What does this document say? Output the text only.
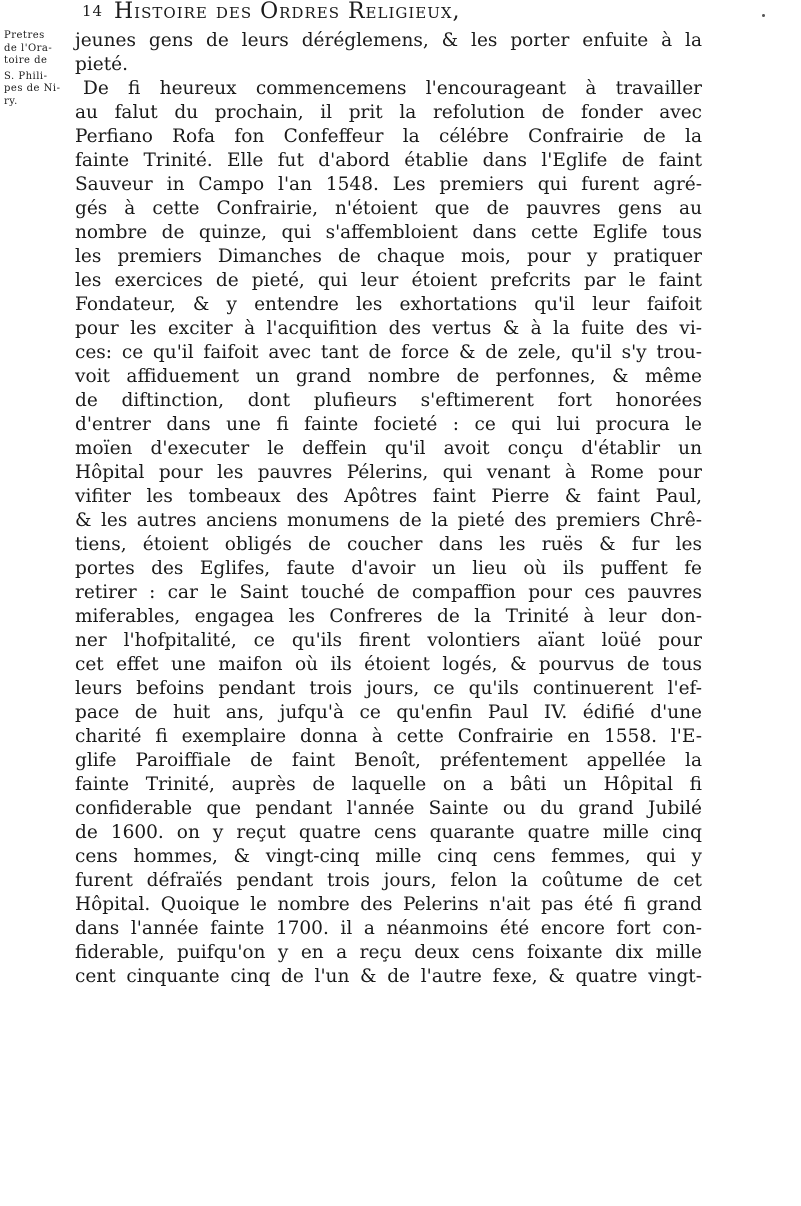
14 Histoire des Ordres Religieux,
Pretres
de l'Ora-
toire de
S. Phili-
pes de Ni-
ry.
jeunes gens de leurs déréglemens, & les porter enfuite à la
pieté.
De fi heureux commencemens l'encourageant à travailler
au falut du prochain, il prit la refolution de fonder avec
Perfiano Rofa fon Confeffeur la célébre Confrairie de la
fainte Trinité. Elle fut d'abord établie dans l'Eglife de faint
Sauveur in Campo l'an 1548. Les premiers qui furent agré-
gés à cette Confrairie, n'étoient que de pauvres gens au
nombre de quinze, qui s'affembloient dans cette Eglife tous
les premiers Dimanches de chaque mois, pour y pratiquer
les exercices de pieté, qui leur étoient prefcrits par le faint
Fondateur, & y entendre les exhortations qu'il leur faifoit
pour les exciter à l'acquifition des vertus & à la fuite des vi-
ces: ce qu'il faifoit avec tant de force & de zele, qu'il s'y trou-
voit affiduement un grand nombre de perfonnes, & même
de diftinction, dont plufieurs s'eftimerent fort honorées
d'entrer dans une fi fainte focieté : ce qui lui procura le
moïen d'executer le deffein qu'il avoit conçu d'établir un
Hôpital pour les pauvres Pélerins, qui venant à Rome pour
vifiter les tombeaux des Apôtres faint Pierre & faint Paul,
& les autres anciens monumens de la pieté des premiers Chrê-
tiens, étoient obligés de coucher dans les ruës & fur les
portes des Eglifes, faute d'avoir un lieu où ils puffent fe
retirer : car le Saint touché de compaffion pour ces pauvres
miferables, engagea les Confreres de la Trinité à leur don-
ner l'hofpitalité, ce qu'ils firent volontiers aïant loüé pour
cet effet une maifon où ils étoient logés, & pourvus de tous
leurs befoins pendant trois jours, ce qu'ils continuerent l'ef-
pace de huit ans, jufqu'à ce qu'enfin Paul IV. édifié d'une
charité fi exemplaire donna à cette Confrairie en 1558. l'E-
glife Paroiffiale de faint Benoît, préfentement appellée la
fainte Trinité, auprès de laquelle on a bâti un Hôpital fi
confiderable que pendant l'année Sainte ou du grand Jubilé
de 1600. on y reçut quatre cens quarante quatre mille cinq
cens hommes, & vingt-cinq mille cinq cens femmes, qui y
furent défraïés pendant trois jours, felon la coûtume de cet
Hôpital. Quoique le nombre des Pelerins n'ait pas été fi grand
dans l'année fainte 1700. il a néanmoins été encore fort con-
fiderable, puifqu'on y en a reçu deux cens foixante dix mille
cent cinquante cinq de l'un & de l'autre fexe, & quatre vingt-
